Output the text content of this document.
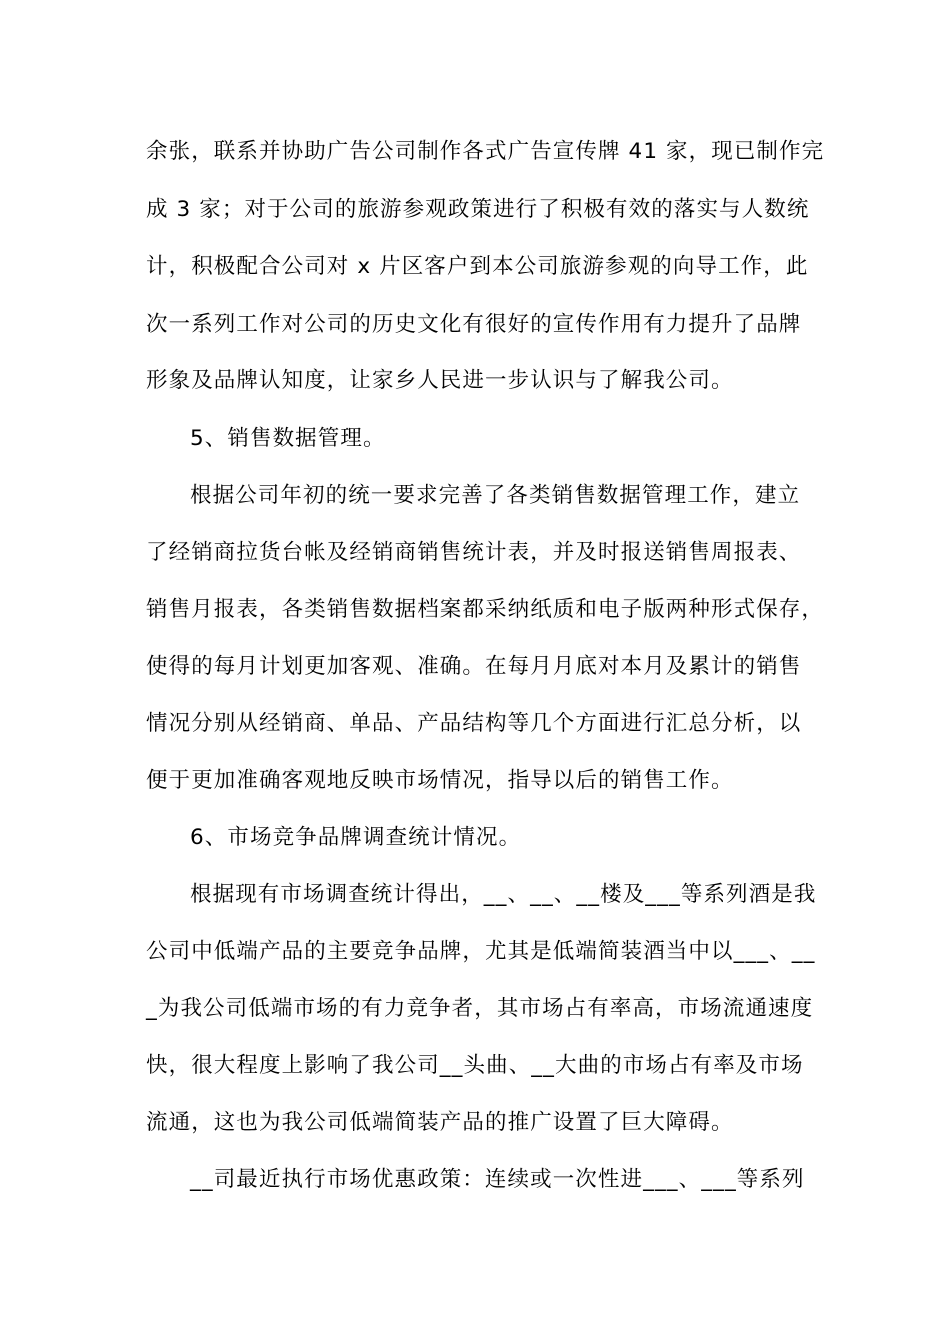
余张，联系并协助广告公司制作各式广告宣传牌 41 家，现已制作完
成 3 家；对于公司的旅游参观政策进行了积极有效的落实与人数统
计，积极配合公司对 x 片区客户到本公司旅游参观的向导工作，此
次一系列工作对公司的历史文化有很好的宣传作用有力提升了品牌
形象及品牌认知度，让家乡人民进一步认识与了解我公司。
5、销售数据管理。
根据公司年初的统一要求完善了各类销售数据管理工作，建立
了经销商拉货台帐及经销商销售统计表，并及时报送销售周报表、
销售月报表，各类销售数据档案都采纳纸质和电子版两种形式保存，
使得的每月计划更加客观、准确。在每月月底对本月及累计的销售
情况分别从经销商、单品、产品结构等几个方面进行汇总分析，以
便于更加准确客观地反映市场情况，指导以后的销售工作。
6、市场竞争品牌调查统计情况。
根据现有市场调查统计得出，__、__、__楼及___等系列酒是我
公司中低端产品的主要竞争品牌，尤其是低端简装酒当中以___、__
_为我公司低端市场的有力竞争者，其市场占有率高，市场流通速度
快，很大程度上影响了我公司__头曲、__大曲的市场占有率及市场
流通，这也为我公司低端简装产品的推广设置了巨大障碍。
__司最近执行市场优惠政策：连续或一次性进___、___等系列
